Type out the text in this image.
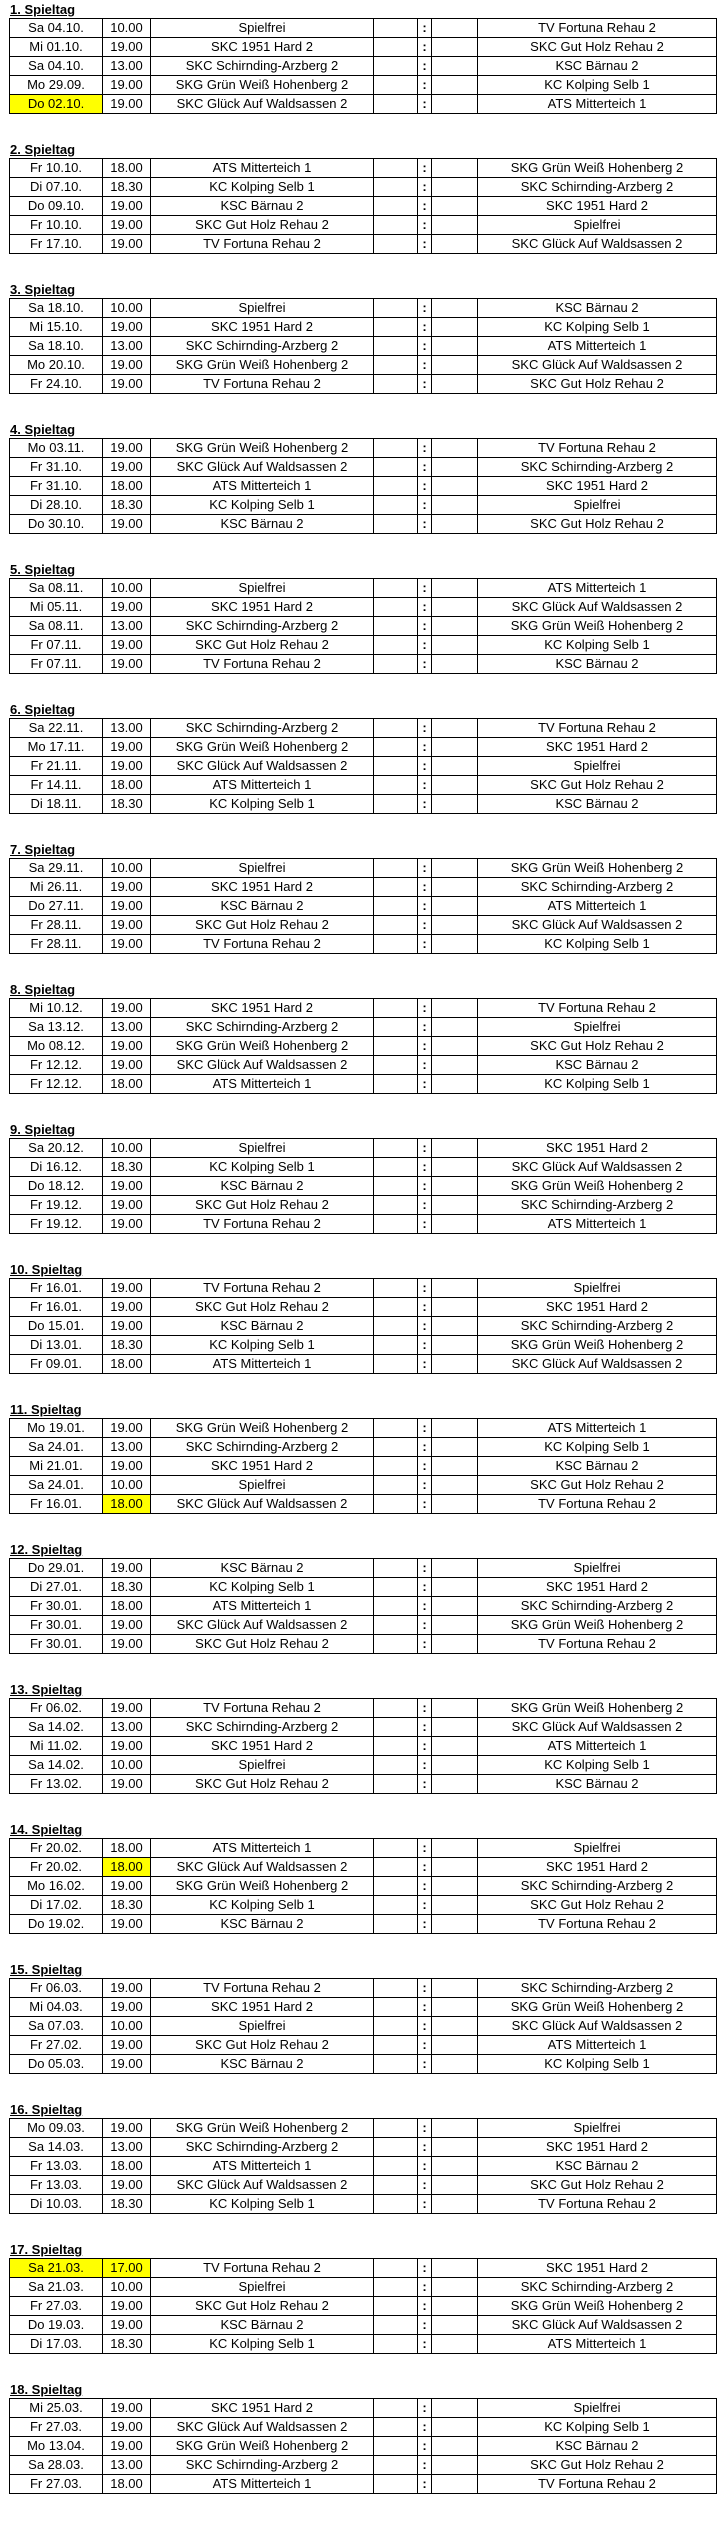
1. Spieltag
Sa 04.10.	10.00	Spielfrei		:		TV Fortuna Rehau 2
Mi 01.10.	19.00	SKC 1951 Hard 2		:		SKC Gut Holz Rehau 2
Sa 04.10.	13.00	SKC Schirnding-Arzberg 2		:		KSC Bärnau 2
Mo 29.09.	19.00	SKG Grün Weiß Hohenberg 2		:		KC Kolping Selb 1
Do 02.10.	19.00	SKC Glück Auf Waldsassen 2		:		ATS Mitterteich 1
2. Spieltag
Fr 10.10.	18.00	ATS Mitterteich 1		:		SKG Grün Weiß Hohenberg 2
Di 07.10.	18.30	KC Kolping Selb 1		:		SKC Schirnding-Arzberg 2
Do 09.10.	19.00	KSC Bärnau 2		:		SKC 1951 Hard 2
Fr 10.10.	19.00	SKC Gut Holz Rehau 2		:		Spielfrei
Fr 17.10.	19.00	TV Fortuna Rehau 2		:		SKC Glück Auf Waldsassen 2
3. Spieltag
Sa 18.10.	10.00	Spielfrei		:		KSC Bärnau 2
Mi 15.10.	19.00	SKC 1951 Hard 2		:		KC Kolping Selb 1
Sa 18.10.	13.00	SKC Schirnding-Arzberg 2		:		ATS Mitterteich 1
Mo 20.10.	19.00	SKG Grün Weiß Hohenberg 2		:		SKC Glück Auf Waldsassen 2
Fr 24.10.	19.00	TV Fortuna Rehau 2		:		SKC Gut Holz Rehau 2
4. Spieltag
Mo 03.11.	19.00	SKG Grün Weiß Hohenberg 2		:		TV Fortuna Rehau 2
Fr 31.10.	19.00	SKC Glück Auf Waldsassen 2		:		SKC Schirnding-Arzberg 2
Fr 31.10.	18.00	ATS Mitterteich 1		:		SKC 1951 Hard 2
Di 28.10.	18.30	KC Kolping Selb 1		:		Spielfrei
Do 30.10.	19.00	KSC Bärnau 2		:		SKC Gut Holz Rehau 2
5. Spieltag
Sa 08.11.	10.00	Spielfrei		:		ATS Mitterteich 1
Mi 05.11.	19.00	SKC 1951 Hard 2		:		SKC Glück Auf Waldsassen 2
Sa 08.11.	13.00	SKC Schirnding-Arzberg 2		:		SKG Grün Weiß Hohenberg 2
Fr 07.11.	19.00	SKC Gut Holz Rehau 2		:		KC Kolping Selb 1
Fr 07.11.	19.00	TV Fortuna Rehau 2		:		KSC Bärnau 2
6. Spieltag
Sa 22.11.	13.00	SKC Schirnding-Arzberg 2		:		TV Fortuna Rehau 2
Mo 17.11.	19.00	SKG Grün Weiß Hohenberg 2		:		SKC 1951 Hard 2
Fr 21.11.	19.00	SKC Glück Auf Waldsassen 2		:		Spielfrei
Fr 14.11.	18.00	ATS Mitterteich 1		:		SKC Gut Holz Rehau 2
Di 18.11.	18.30	KC Kolping Selb 1		:		KSC Bärnau 2
7. Spieltag
Sa 29.11.	10.00	Spielfrei		:		SKG Grün Weiß Hohenberg 2
Mi 26.11.	19.00	SKC 1951 Hard 2		:		SKC Schirnding-Arzberg 2
Do 27.11.	19.00	KSC Bärnau 2		:		ATS Mitterteich 1
Fr 28.11.	19.00	SKC Gut Holz Rehau 2		:		SKC Glück Auf Waldsassen 2
Fr 28.11.	19.00	TV Fortuna Rehau 2		:		KC Kolping Selb 1
8. Spieltag
Mi 10.12.	19.00	SKC 1951 Hard 2		:		TV Fortuna Rehau 2
Sa 13.12.	13.00	SKC Schirnding-Arzberg 2		:		Spielfrei
Mo 08.12.	19.00	SKG Grün Weiß Hohenberg 2		:		SKC Gut Holz Rehau 2
Fr 12.12.	19.00	SKC Glück Auf Waldsassen 2		:		KSC Bärnau 2
Fr 12.12.	18.00	ATS Mitterteich 1		:		KC Kolping Selb 1
9. Spieltag
Sa 20.12.	10.00	Spielfrei		:		SKC 1951 Hard 2
Di 16.12.	18.30	KC Kolping Selb 1		:		SKC Glück Auf Waldsassen 2
Do 18.12.	19.00	KSC Bärnau 2		:		SKG Grün Weiß Hohenberg 2
Fr 19.12.	19.00	SKC Gut Holz Rehau 2		:		SKC Schirnding-Arzberg 2
Fr 19.12.	19.00	TV Fortuna Rehau 2		:		ATS Mitterteich 1
10. Spieltag
Fr 16.01.	19.00	TV Fortuna Rehau 2		:		Spielfrei
Fr 16.01.	19.00	SKC Gut Holz Rehau 2		:		SKC 1951 Hard 2
Do 15.01.	19.00	KSC Bärnau 2		:		SKC Schirnding-Arzberg 2
Di 13.01.	18.30	KC Kolping Selb 1		:		SKG Grün Weiß Hohenberg 2
Fr 09.01.	18.00	ATS Mitterteich 1		:		SKC Glück Auf Waldsassen 2
11. Spieltag
Mo 19.01.	19.00	SKG Grün Weiß Hohenberg 2		:		ATS Mitterteich 1
Sa 24.01.	13.00	SKC Schirnding-Arzberg 2		:		KC Kolping Selb 1
Mi 21.01.	19.00	SKC 1951 Hard 2		:		KSC Bärnau 2
Sa 24.01.	10.00	Spielfrei		:		SKC Gut Holz Rehau 2
Fr 16.01.	18.00	SKC Glück Auf Waldsassen 2		:		TV Fortuna Rehau 2
12. Spieltag
Do 29.01.	19.00	KSC Bärnau 2		:		Spielfrei
Di 27.01.	18.30	KC Kolping Selb 1		:		SKC 1951 Hard 2
Fr 30.01.	18.00	ATS Mitterteich 1		:		SKC Schirnding-Arzberg 2
Fr 30.01.	19.00	SKC Glück Auf Waldsassen 2		:		SKG Grün Weiß Hohenberg 2
Fr 30.01.	19.00	SKC Gut Holz Rehau 2		:		TV Fortuna Rehau 2
13. Spieltag
Fr 06.02.	19.00	TV Fortuna Rehau 2		:		SKG Grün Weiß Hohenberg 2
Sa 14.02.	13.00	SKC Schirnding-Arzberg 2		:		SKC Glück Auf Waldsassen 2
Mi 11.02.	19.00	SKC 1951 Hard 2		:		ATS Mitterteich 1
Sa 14.02.	10.00	Spielfrei		:		KC Kolping Selb 1
Fr 13.02.	19.00	SKC Gut Holz Rehau 2		:		KSC Bärnau 2
14. Spieltag
Fr 20.02.	18.00	ATS Mitterteich 1		:		Spielfrei
Fr 20.02.	18.00	SKC Glück Auf Waldsassen 2		:		SKC 1951 Hard 2
Mo 16.02.	19.00	SKG Grün Weiß Hohenberg 2		:		SKC Schirnding-Arzberg 2
Di 17.02.	18.30	KC Kolping Selb 1		:		SKC Gut Holz Rehau 2
Do 19.02.	19.00	KSC Bärnau 2		:		TV Fortuna Rehau 2
15. Spieltag
Fr 06.03.	19.00	TV Fortuna Rehau 2		:		SKC Schirnding-Arzberg 2
Mi 04.03.	19.00	SKC 1951 Hard 2		:		SKG Grün Weiß Hohenberg 2
Sa 07.03.	10.00	Spielfrei		:		SKC Glück Auf Waldsassen 2
Fr 27.02.	19.00	SKC Gut Holz Rehau 2		:		ATS Mitterteich 1
Do 05.03.	19.00	KSC Bärnau 2		:		KC Kolping Selb 1
16. Spieltag
Mo 09.03.	19.00	SKG Grün Weiß Hohenberg 2		:		Spielfrei
Sa 14.03.	13.00	SKC Schirnding-Arzberg 2		:		SKC 1951 Hard 2
Fr 13.03.	18.00	ATS Mitterteich 1		:		KSC Bärnau 2
Fr 13.03.	19.00	SKC Glück Auf Waldsassen 2		:		SKC Gut Holz Rehau 2
Di 10.03.	18.30	KC Kolping Selb 1		:		TV Fortuna Rehau 2
17. Spieltag
Sa 21.03.	17.00	TV Fortuna Rehau 2		:		SKC 1951 Hard 2
Sa 21.03.	10.00	Spielfrei		:		SKC Schirnding-Arzberg 2
Fr 27.03.	19.00	SKC Gut Holz Rehau 2		:		SKG Grün Weiß Hohenberg 2
Do 19.03.	19.00	KSC Bärnau 2		:		SKC Glück Auf Waldsassen 2
Di 17.03.	18.30	KC Kolping Selb 1		:		ATS Mitterteich 1
18. Spieltag
Mi 25.03.	19.00	SKC 1951 Hard 2		:		Spielfrei
Fr 27.03.	19.00	SKC Glück Auf Waldsassen 2		:		KC Kolping Selb 1
Mo 13.04.	19.00	SKG Grün Weiß Hohenberg 2		:		KSC Bärnau 2
Sa 28.03.	13.00	SKC Schirnding-Arzberg 2		:		SKC Gut Holz Rehau 2
Fr 27.03.	18.00	ATS Mitterteich 1		:		TV Fortuna Rehau 2
